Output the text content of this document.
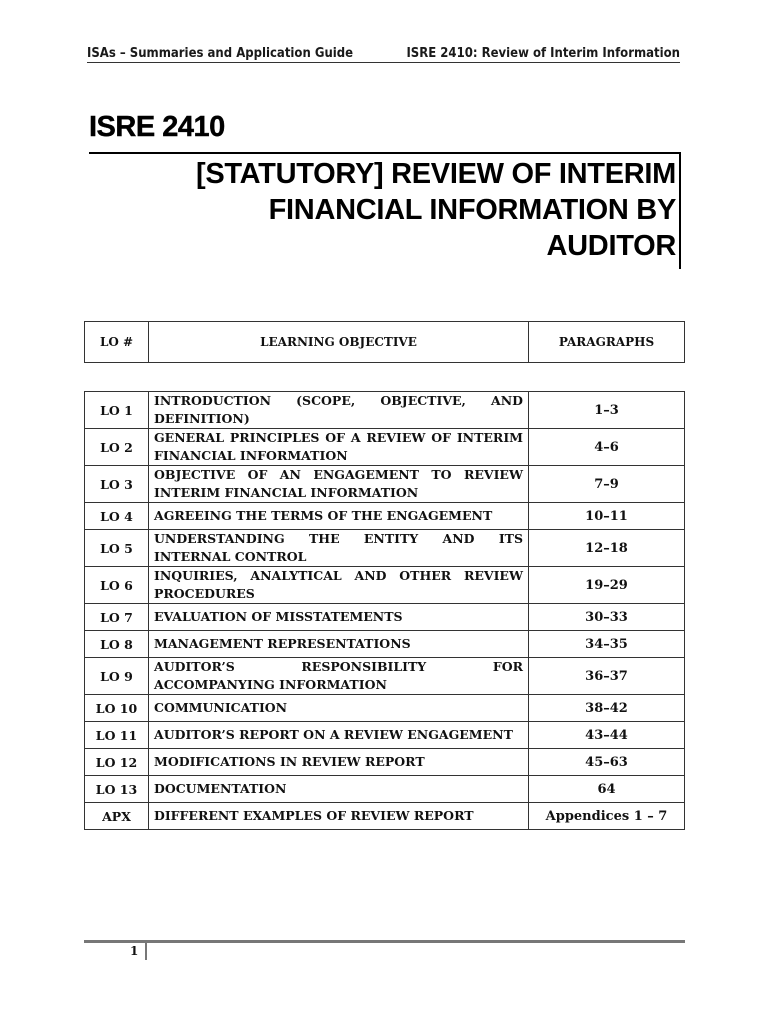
ISAs – Summaries and Application Guide	ISRE 2410: Review of Interim Information
ISRE 2410
[STATUTORY] REVIEW OF INTERIM
FINANCIAL INFORMATION BY
AUDITOR
LO #	LEARNING OBJECTIVE	PARAGRAPHS
LO 1	INTRODUCTION (SCOPE, OBJECTIVE, AND DEFINITION)	1–3
LO 2	GENERAL PRINCIPLES OF A REVIEW OF INTERIM FINANCIAL INFORMATION	4–6
LO 3	OBJECTIVE OF AN ENGAGEMENT TO REVIEW INTERIM FINANCIAL INFORMATION	7–9
LO 4	AGREEING THE TERMS OF THE ENGAGEMENT	10–11
LO 5	UNDERSTANDING THE ENTITY AND ITS INTERNAL CONTROL	12–18
LO 6	INQUIRIES, ANALYTICAL AND OTHER REVIEW PROCEDURES	19–29
LO 7	EVALUATION OF MISSTATEMENTS	30–33
LO 8	MANAGEMENT REPRESENTATIONS	34–35
LO 9	AUDITOR’S RESPONSIBILITY FOR ACCOMPANYING INFORMATION	36–37
LO 10	COMMUNICATION	38–42
LO 11	AUDITOR’S REPORT ON A REVIEW ENGAGEMENT	43–44
LO 12	MODIFICATIONS IN REVIEW REPORT	45–63
LO 13	DOCUMENTATION	64
APX	DIFFERENT EXAMPLES OF REVIEW REPORT	Appendices 1 – 7
1
